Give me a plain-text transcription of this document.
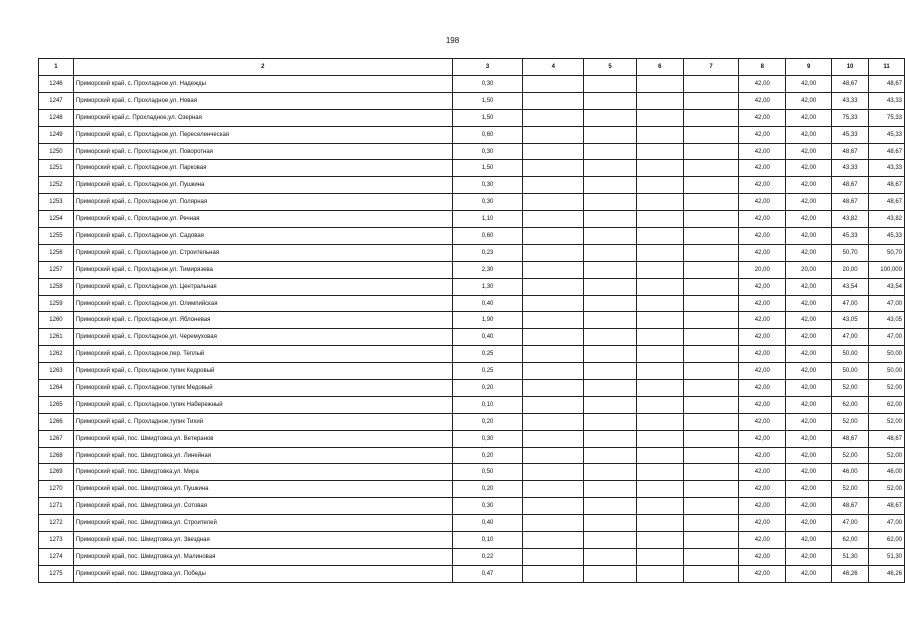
198
1	2	3	4	5	6	7	8	9	10	11
1246	Приморский край, с. Прохладное,ул. Надежды	0,30					42,00	42,00	48,67	48,67
1247	Приморский край, с. Прохладное,ул. Новая	1,50					42,00	42,00	43,33	43,33
1248	Приморский край,с. Прохладное,ул. Озерная	1,50					42,00	42,00	75,33	75,33
1249	Приморский край, с. Прохладное,ул. Переселенческая	0,60					42,00	42,00	45,33	45,33
1250	Приморский край, с. Прохладное,ул. Поворотная	0,30					42,00	42,00	48,67	48,67
1251	Приморский край, с. Прохладное,ул. Парковая	1,50					42,00	42,00	43,33	43,33
1252	Приморский край, с. Прохладное,ул. Пушкина	0,30					42,00	42,00	48,67	48,67
1253	Приморский край, с. Прохладное,ул. Полярная	0,30					42,00	42,00	48,67	48,67
1254	Приморский край, с. Прохладное,ул. Речная	1,10					42,00	42,00	43,82	43,82
1255	Приморский край, с. Прохладное,ул. Садовая	0,60					42,00	42,00	45,33	45,33
1256	Приморский край, с. Прохладное,ул. Строительная	0,23					42,00	42,00	50,70	50,70
1257	Приморский край, с. Прохладное,ул. Тимирязева	2,30					20,00	20,00	20,00	100,000
1258	Приморский край, с. Прохладное,ул. Центральная	1,30					42,00	42,00	43,54	43,54
1259	Приморский край, с. Прохладное,ул. Олимпийская	0,40					42,00	42,00	47,00	47,00
1260	Приморский край, с. Прохладное,ул. Яблоневая	1,90					42,00	42,00	43,05	43,05
1261	Приморский край, с. Прохладное,ул. Черемуховая	0,40					42,00	42,00	47,00	47,00
1262	Приморский край, с. Прохладное,пер. Теплый	0,25					42,00	42,00	50,00	50,00
1263	Приморский край, с. Прохладное,тупик Кедровый	0,25					42,00	42,00	50,00	50,00
1264	Приморский край, с. Прохладное,тупик Медовый	0,20					42,00	42,00	52,00	52,00
1265	Приморский край, с. Прохладное,тупик Набережный	0,10					42,00	42,00	62,00	62,00
1266	Приморский край, с. Прохладное,тупик Тихий	0,20					42,00	42,00	52,00	52,00
1267	Приморский край, пос. Шмидтовка,ул. Ветеранов	0,30					42,00	42,00	48,67	48,67
1268	Приморский край, пос. Шмидтовка,ул. Линейная	0,20					42,00	42,00	52,00	52,00
1269	Приморский край, пос. Шмидтовка,ул. Мира	0,50					42,00	42,00	46,00	46,00
1270	Приморский край, пос. Шмидтовка,ул. Пушкина	0,20					42,00	42,00	52,00	52,00
1271	Приморский край, пос. Шмидтовка,ул. Сотовая	0,30					42,00	42,00	48,67	48,67
1272	Приморский край, пос. Шмидтовка,ул. Строителей	0,40					42,00	42,00	47,00	47,00
1273	Приморский край, пос. Шмидтовка,ул. Звездная	0,10					42,00	42,00	62,00	62,00
1274	Приморский край, пос. Шмидтовка,ул. Малиновая	0,22					42,00	42,00	51,30	51,30
1275	Приморский край, пос. Шмидтовка,ул. Победы	0,47					42,00	42,00	46,26	46,26
